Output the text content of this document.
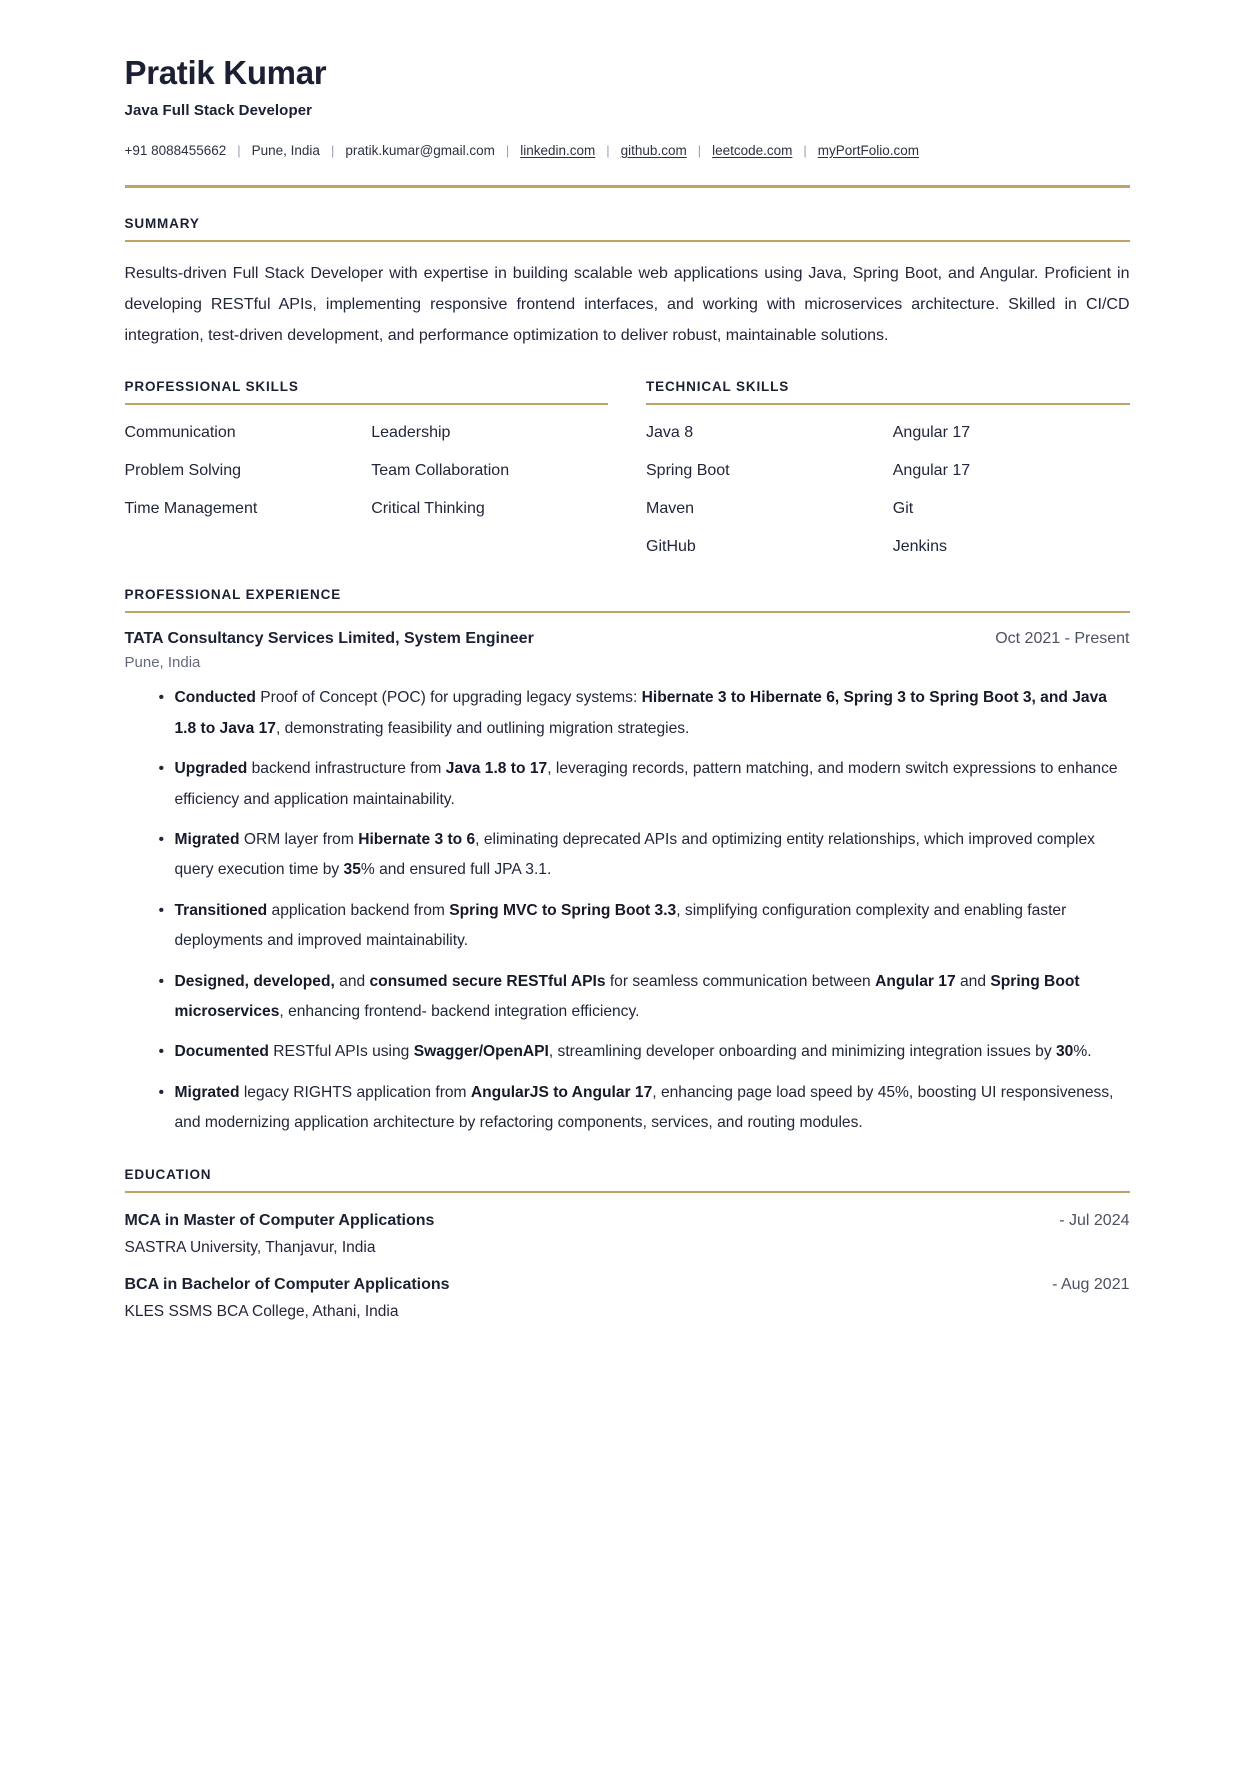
Pratik Kumar
Java Full Stack Developer
+91 8088455662 | Pune, India | pratik.kumar@gmail.com | linkedin.com | github.com | leetcode.com | myPortFolio.com
SUMMARY

Results-driven Full Stack Developer with expertise in building scalable web applications using Java, Spring Boot, and Angular. Proficient in developing RESTful APIs, implementing responsive frontend interfaces, and working with microservices architecture. Skilled in CI/CD integration, test-driven development, and performance optimization to deliver robust, maintainable solutions.

PROFESSIONAL SKILLS
Communication	Leadership
Problem Solving	Team Collaboration
Time Management	Critical Thinking
TECHNICAL SKILLS
Java 8	Angular 17
Spring Boot	Angular 17
Maven	Git
GitHub	Jenkins
PROFESSIONAL EXPERIENCE
TATA Consultancy Services Limited, System Engineer	Oct 2021 - Present
Pune, India
• Conducted Proof of Concept (POC) for upgrading legacy systems: Hibernate 3 to Hibernate 6, Spring 3 to Spring Boot 3, and Java 1.8 to Java 17, demonstrating feasibility and outlining migration strategies.
• Upgraded backend infrastructure from Java 1.8 to 17, leveraging records, pattern matching, and modern switch expressions to enhance efficiency and application maintainability.
• Migrated ORM layer from Hibernate 3 to 6, eliminating deprecated APIs and optimizing entity relationships, which improved complex query execution time by 35% and ensured full JPA 3.1.
• Transitioned application backend from Spring MVC to Spring Boot 3.3, simplifying configuration complexity and enabling faster deployments and improved maintainability.
• Designed, developed, and consumed secure RESTful APIs for seamless communication between Angular 17 and Spring Boot microservices, enhancing frontend- backend integration efficiency.
• Documented RESTful APIs using Swagger/OpenAPI, streamlining developer onboarding and minimizing integration issues by 30%.
• Migrated legacy RIGHTS application from AngularJS to Angular 17, enhancing page load speed by 45%, boosting UI responsiveness, and modernizing application architecture by refactoring components, services, and routing modules.
EDUCATION
MCA in Master of Computer Applications	- Jul 2024
SASTRA University, Thanjavur, India
BCA in Bachelor of Computer Applications	- Aug 2021
KLES SSMS BCA College, Athani, India
